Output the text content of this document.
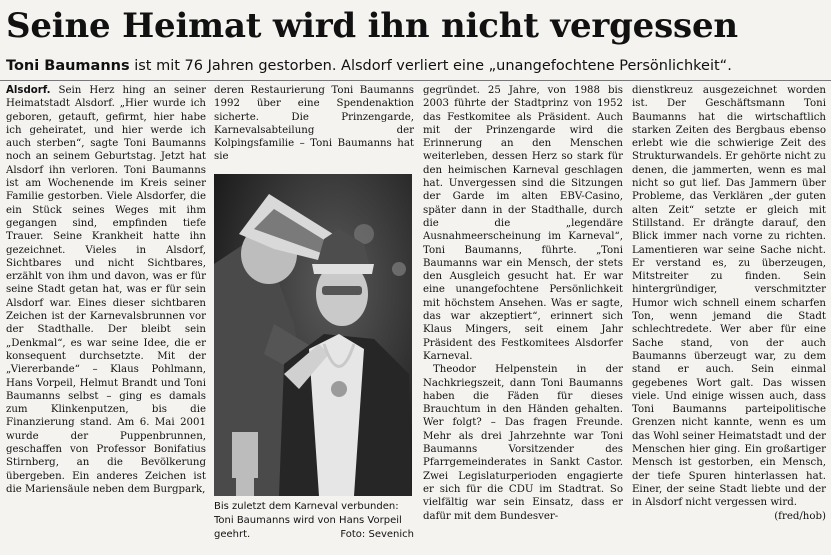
Seine Heimat wird ihn nicht vergessen
Toni Baumanns ist mit 76 Jahren gestorben. Alsdorf verliert eine „unangefochtene Persönlichkeit“.

Alsdorf. Sein Herz hing an seiner Heimatstadt Alsdorf. „Hier wurde ich geboren, getauft, gefirmt, hier habe ich geheiratet, und hier werde ich auch sterben“, sagte Toni Baumanns noch an seinem Geburtstag. Jetzt hat Alsdorf ihn verloren. Toni Baumanns ist am Wochenende im Kreis seiner Familie gestorben. Viele Alsdorfer, die ein Stück seines Weges mit ihm gegangen sind, empfinden tiefe Trauer. Seine Krankheit hatte ihn gezeichnet. Vieles in Alsdorf, Sichtbares und nicht Sichtbares, erzählt von ihm und davon, was er für seine Stadt getan hat, was er für sein Alsdorf war. Eines dieser sichtbaren Zeichen ist der Karnevalsbrunnen vor der Stadthalle. Der bleibt sein „Denkmal“, es war seine Idee, die er konsequent durchsetzte. Mit der „Viererbande“ – Klaus Pohlmann, Hans Vorpeil, Helmut Brandt und Toni Baumanns selbst – ging es damals zum Klinkenputzen, bis die Finanzierung stand. Am 6. Mai 2001 wurde der Puppenbrunnen, geschaffen von Professor Bonifatius Stirnberg, an die Bevölkerung übergeben. Ein anderes Zeichen ist die Mariensäule neben dem Burgpark,

deren Restaurierung Toni Baumanns 1992 über eine Spendenaktion sicherte. Die Prinzengarde, Karnevalsabteilung der Kolpingsfamilie – Toni Baumanns hat sie

Bis zuletzt dem Karneval verbunden: Toni Baumanns wird von Hans Vorpeil geehrt.	Foto: Sevenich

gegründet. 25 Jahre, von 1988 bis 2003 führte der Stadtprinz von 1952 das Festkomitee als Präsident. Auch mit der Prinzengarde wird die Erinnerung an den Menschen weiterleben, dessen Herz so stark für den heimischen Karneval geschlagen hat. Unvergessen sind die Sitzungen der Garde im alten EBV-Casino, später dann in der Stadthalle, durch die die „legendäre Ausnahmeerscheinung im Karneval“, Toni Baumanns, führte. „Toni Baumanns war ein Mensch, der stets den Ausgleich gesucht hat. Er war eine unangefochtene Persönlichkeit mit höchstem Ansehen. Was er sagte, das war akzeptiert“, erinnert sich Klaus Mingers, seit einem Jahr Präsident des Festkomitees Alsdorfer Karneval.

Theodor Helpenstein in der Nachkriegszeit, dann Toni Baumanns haben die Fäden für dieses Brauchtum in den Händen gehalten. Wer folgt? – Das fragen Freunde. Mehr als drei Jahrzehnte war Toni Baumanns Vorsitzender des Pfarrgemeinderates in Sankt Castor. Zwei Legislaturperioden engagierte er sich für die CDU im Stadtrat. So vielfältig war sein Einsatz, dass er dafür mit dem Bundesver-

dienstkreuz ausgezeichnet worden ist. Der Geschäftsmann Toni Baumanns hat die wirtschaftlich starken Zeiten des Bergbaus ebenso erlebt wie die schwierige Zeit des Strukturwandels. Er gehörte nicht zu denen, die jammerten, wenn es mal nicht so gut lief. Das Jammern über Probleme, das Verklären „der guten alten Zeit“ setzte er gleich mit Stillstand. Er drängte darauf, den Blick immer nach vorne zu richten. Lamentieren war seine Sache nicht. Er verstand es, zu überzeugen, Mitstreiter zu finden. Sein hintergründiger, verschmitzter Humor wich schnell einem scharfen Ton, wenn jemand die Stadt schlechtredete. Wer aber für eine Sache stand, von der auch Baumanns überzeugt war, zu dem stand er auch. Sein einmal gegebenes Wort galt. Das wissen viele. Und einige wissen auch, dass Toni Baumanns parteipolitische Grenzen nicht kannte, wenn es um das Wohl seiner Heimatstadt und der Menschen hier ging. Ein großartiger Mensch ist gestorben, ein Mensch, der tiefe Spuren hinterlassen hat. Einer, der seine Stadt liebte und der in Alsdorf nicht vergessen wird.
(fred/hob)
